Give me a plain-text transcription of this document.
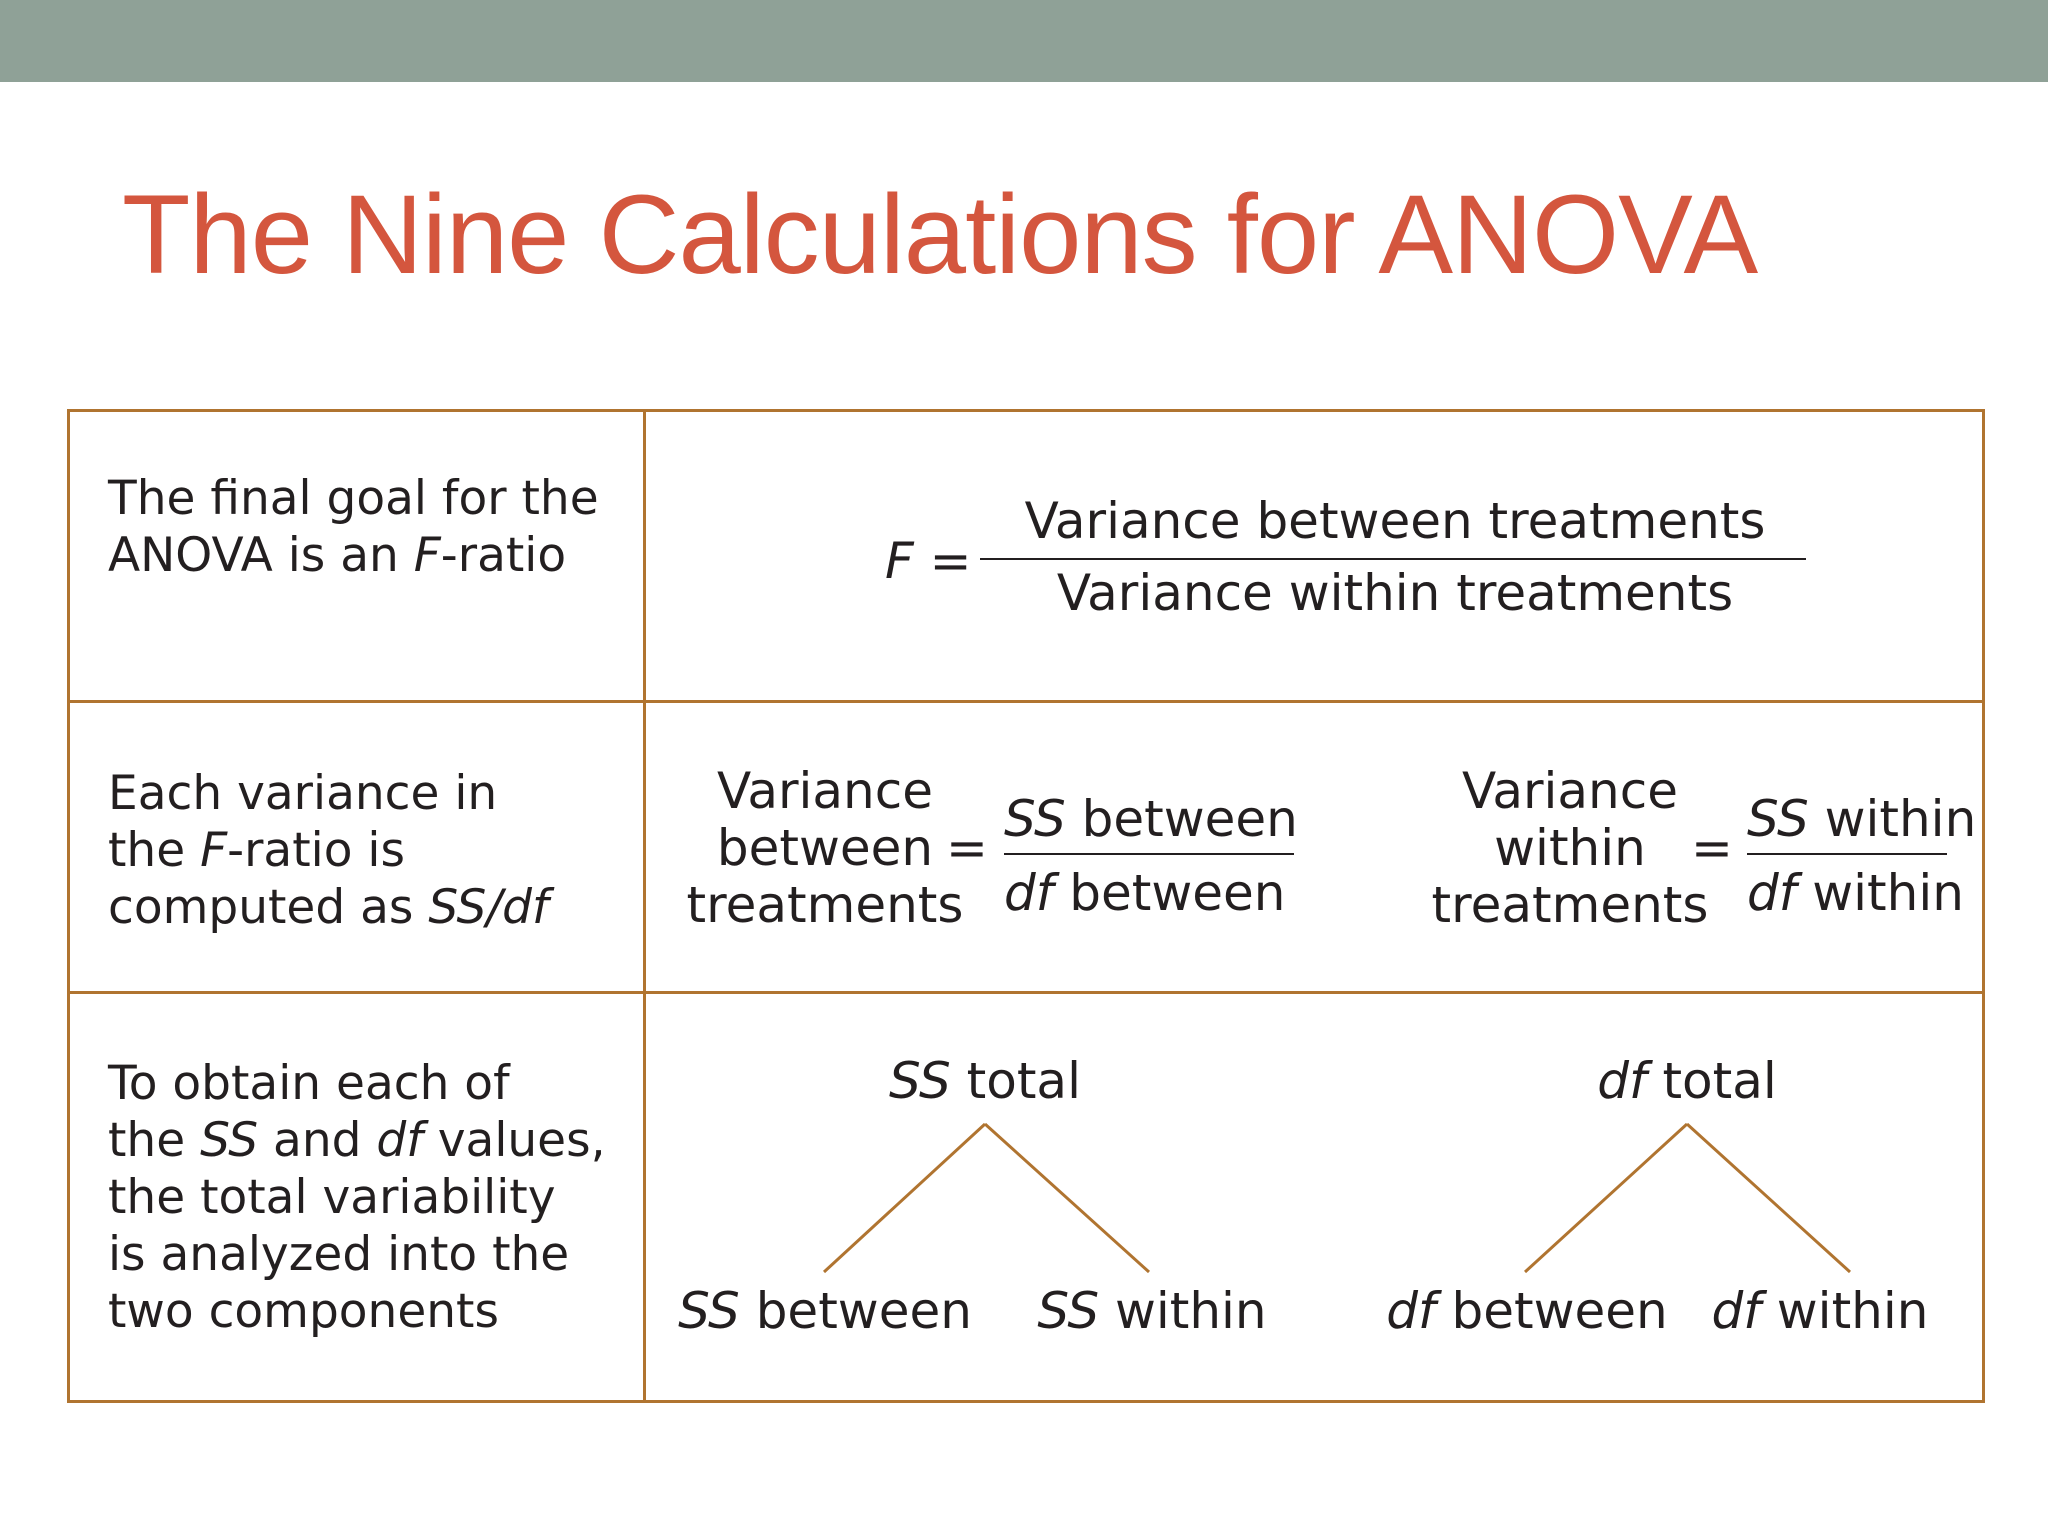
The Nine Calculations for ANOVA
The final goal for the
ANOVA is an F-ratio	F =
Variance between treatments
Variance within treatments
Each variance in
the F-ratio is
computed as SS/df
Variance
between
treatments
= SS between
df between
Variance
within
treatments
= SS within
df within
To obtain each of
the SS and df values,
the total variability
is analyzed into the
two components
SS total
SS between	SS within
df total
df between df within
